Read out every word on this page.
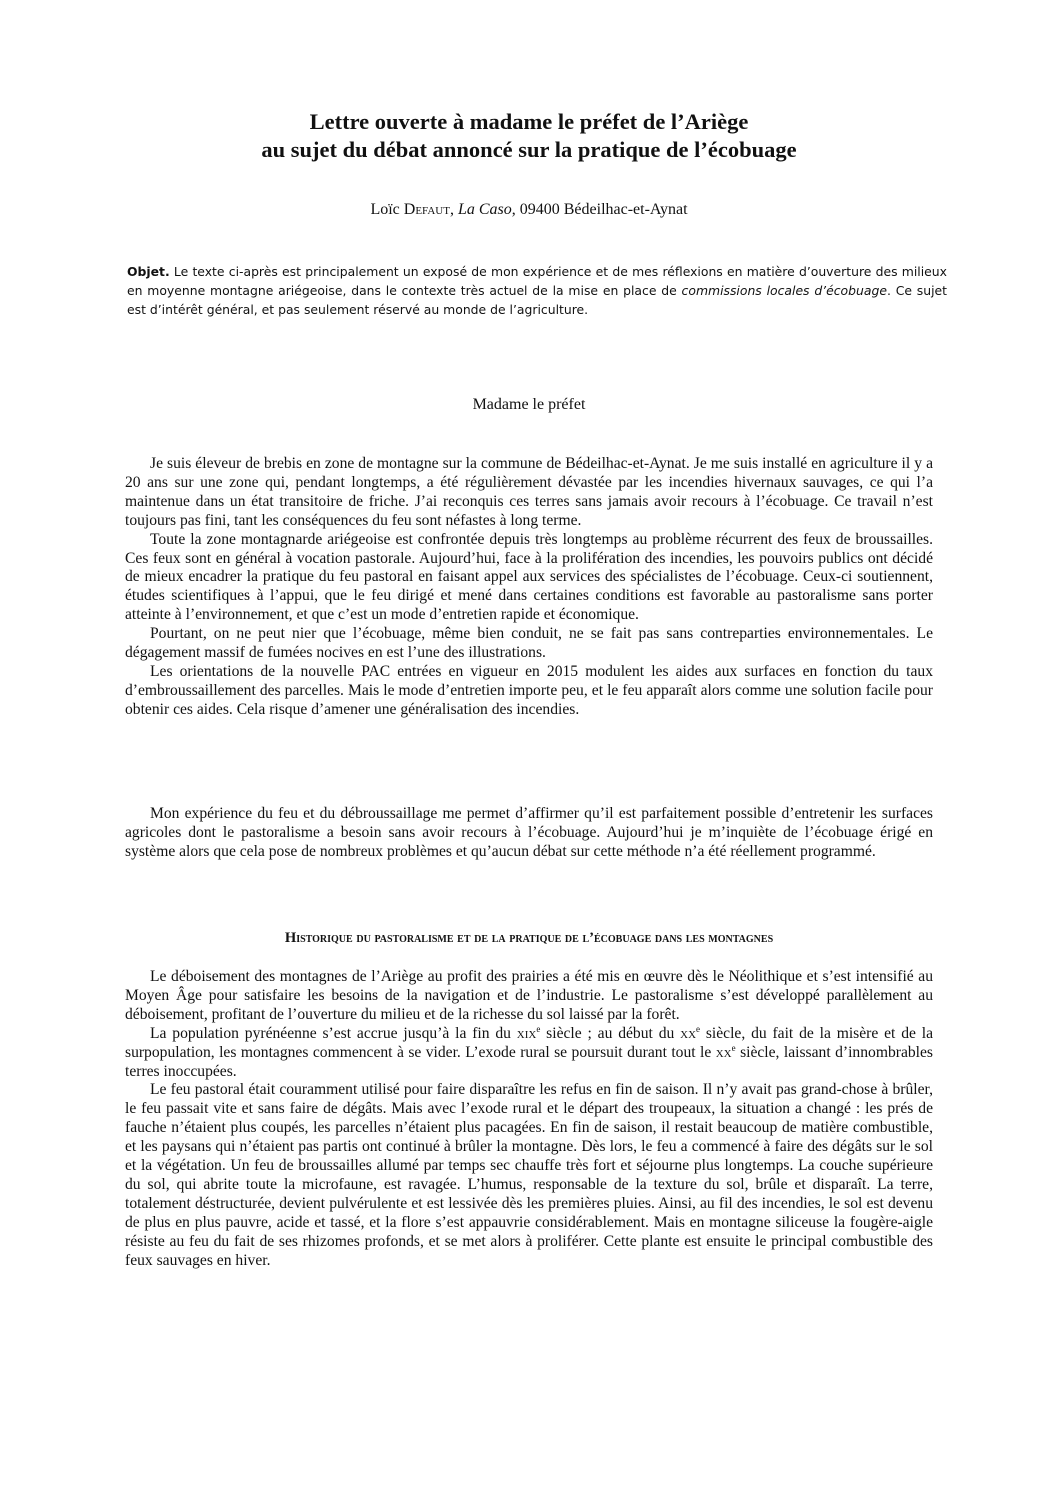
Lettre ouverte à madame le préfet de l’Ariège
au sujet du débat annoncé sur la pratique de l’écobuage
Loïc Defaut, La Caso, 09400 Bédeilhac-et-Aynat

Objet. Le texte ci-après est principalement un exposé de mon expérience et de mes réflexions en matière d’ouverture des milieux en moyenne montagne ariégeoise, dans le contexte très actuel de la mise en place de commissions locales d’écobuage. Ce sujet est d’intérêt général, et pas seulement réservé au monde de l’agriculture.

Madame le préfet

Je suis éleveur de brebis en zone de montagne sur la commune de Bédeilhac-et-Aynat. Je me suis installé en agriculture il y a 20 ans sur une zone qui, pendant longtemps, a été régulièrement dévastée par les incendies hivernaux sauvages, ce qui l’a maintenue dans un état transitoire de friche. J’ai reconquis ces terres sans jamais avoir recours à l’écobuage. Ce travail n’est toujours pas fini, tant les conséquences du feu sont néfastes à long terme.

Toute la zone montagnarde ariégeoise est confrontée depuis très longtemps au problème récurrent des feux de broussailles. Ces feux sont en général à vocation pastorale. Aujourd’hui, face à la prolifération des incendies, les pouvoirs publics ont décidé de mieux encadrer la pratique du feu pastoral en faisant appel aux services des spécialistes de l’écobuage. Ceux-ci soutiennent, études scientifiques à l’appui, que le feu dirigé et mené dans certaines conditions est favorable au pastoralisme sans porter atteinte à l’environnement, et que c’est un mode d’entretien rapide et économique.

Pourtant, on ne peut nier que l’écobuage, même bien conduit, ne se fait pas sans contreparties environnementales. Le dégagement massif de fumées nocives en est l’une des illustrations.

Les orientations de la nouvelle PAC entrées en vigueur en 2015 modulent les aides aux surfaces en fonction du taux d’embroussaillement des parcelles. Mais le mode d’entretien importe peu, et le feu apparaît alors comme une solution facile pour obtenir ces aides. Cela risque d’amener une généralisation des incendies.

Mon expérience du feu et du débroussaillage me permet d’affirmer qu’il est parfaitement possible d’entretenir les surfaces agricoles dont le pastoralisme a besoin sans avoir recours à l’écobuage. Aujourd’hui je m’inquiète de l’écobuage érigé en système alors que cela pose de nombreux problèmes et qu’aucun débat sur cette méthode n’a été réellement programmé.

Historique du pastoralisme et de la pratique de l’écobuage dans les montagnes

Le déboisement des montagnes de l’Ariège au profit des prairies a été mis en œuvre dès le Néolithique et s’est intensifié au Moyen Âge pour satisfaire les besoins de la navigation et de l’industrie. Le pastoralisme s’est développé parallèlement au déboisement, profitant de l’ouverture du milieu et de la richesse du sol laissé par la forêt.

La population pyrénéenne s’est accrue jusqu’à la fin du xix$^e$ siècle ; au début du $xx^e$ siècle, du fait de la misère et de la surpopulation, les montagnes commencent à se vider. L’exode rural se poursuit durant tout le $xx^e$ siècle, laissant d’innombrables terres inoccupées.

Le feu pastoral était couramment utilisé pour faire disparaître les refus en fin de saison. Il n’y avait pas grand-chose à brûler, le feu passait vite et sans faire de dégâts. Mais avec l’exode rural et le départ des troupeaux, la situation a changé : les prés de fauche n’étaient plus coupés, les parcelles n’étaient plus pacagées. En fin de saison, il restait beaucoup de matière combustible, et les paysans qui n’étaient pas partis ont continué à brûler la montagne. Dès lors, le feu a commencé à faire des dégâts sur le sol et la végétation. Un feu de broussailles allumé par temps sec chauffe très fort et séjourne plus longtemps. La couche supérieure du sol, qui abrite toute la microfaune, est ravagée. L’humus, responsable de la texture du sol, brûle et disparaît. La terre, totalement déstructurée, devient pulvérulente et est lessivée dès les premières pluies. Ainsi, au fil des incendies, le sol est devenu de plus en plus pauvre, acide et tassé, et la flore s’est appauvrie considérablement. Mais en montagne siliceuse la fougère-aigle résiste au feu du fait de ses rhizomes profonds, et se met alors à proliférer. Cette plante est ensuite le principal combustible des feux sauvages en hiver.
